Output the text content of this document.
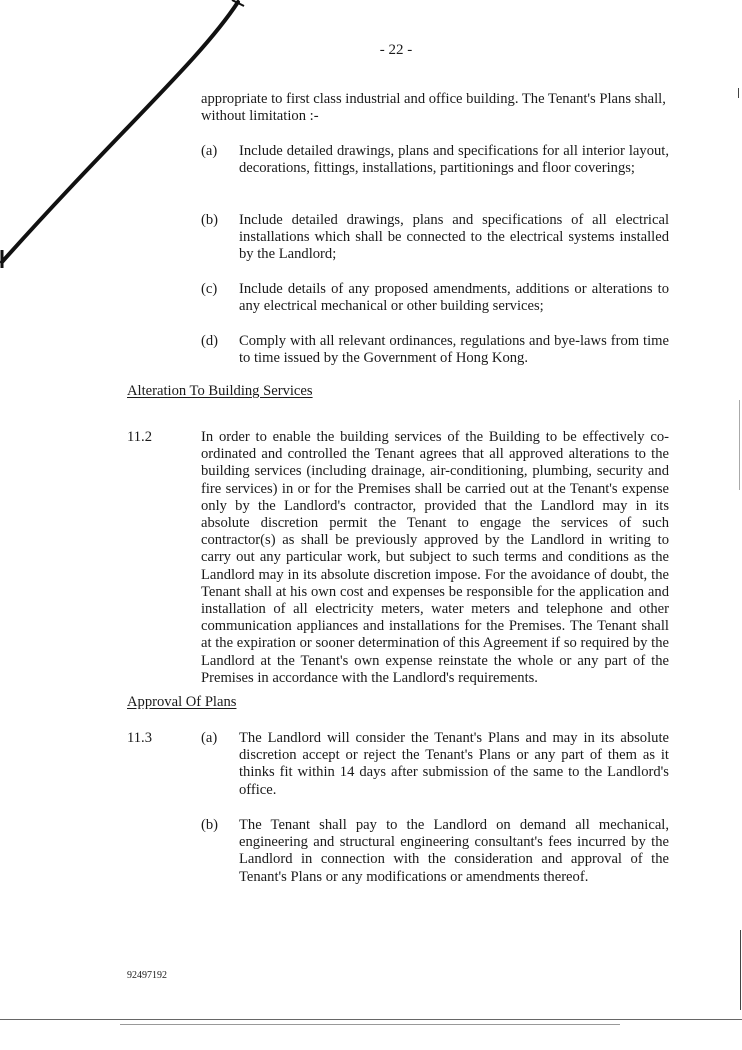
- 22 -

appropriate to first class industrial and office building. The Tenant's Plans shall, without limitation :-

(a) Include detailed drawings, plans and specifications for all interior layout, decorations, fittings, installations, partitionings and floor coverings;

(b) Include detailed drawings, plans and specifications of all electrical installations which shall be connected to the electrical systems installed by the Landlord;

(c) Include details of any proposed amendments, additions or alterations to any electrical mechanical or other building services;

(d) Comply with all relevant ordinances, regulations and bye-laws from time to time issued by the Government of Hong Kong.

Alteration To Building Services
11.2	In order to enable the building services of the Building to be effectively co-ordinated and controlled the Tenant agrees that all approved alterations to the building services (including drainage, air-conditioning, plumbing, security and fire services) in or for the Premises shall be carried out at the Tenant's expense only by the Landlord's contractor, provided that the Landlord may in its absolute discretion permit the Tenant to engage the services of such contractor(s) as shall be previously approved by the Landlord in writing to carry out any particular work, but subject to such terms and conditions as the Landlord may in its absolute discretion impose. For the avoidance of doubt, the Tenant shall at his own cost and expenses be responsible for the application and installation of all electricity meters, water meters and telephone and other communication appliances and installations for the Premises. The Tenant shall at the expiration or sooner determination of this Agreement if so required by the Landlord at the Tenant's own expense reinstate the whole or any part of the Premises in accordance with the Landlord's requirements.

Approval Of Plans
11.3	(a) The Landlord will consider the Tenant's Plans and may in its absolute discretion accept or reject the Tenant's Plans or any part of them as it thinks fit within 14 days after submission of the same to the Landlord's office.

(b) The Tenant shall pay to the Landlord on demand all mechanical, engineering and structural engineering consultant's fees incurred by the Landlord in connection with the consideration and approval of the Tenant's Plans or any modifications or amendments thereof.

92497192
